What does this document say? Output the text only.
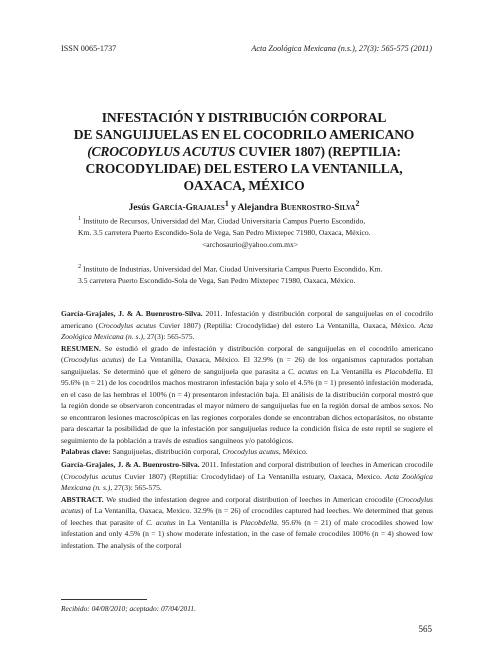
ISSN 0065-1737	Acta Zoológica Mexicana (n.s.), 27(3): 565-575 (2011)
INFESTACIÓN Y DISTRIBUCIÓN CORPORAL
DE SANGUIJUELAS EN EL COCODRILO AMERICANO
(CROCODYLUS ACUTUS CUVIER 1807) (REPTILIA:
CROCODYLIDAE) DEL ESTERO LA VENTANILLA,
OAXACA, MÉXICO
Jesús García-Grajales$^1$ y Alejandra Buenrostro-Silva$^2$
$^1$ Instituto de Recursos, Universidad del Mar, Ciudad Universitaria Campus Puerto Escondido,
Km. 3.5 carretera Puerto Escondido-Sola de Vega, San Pedro Mixtepec 71980, Oaxaca, México.
<archosaurio@yahoo.com.mx>
$^2$ Instituto de Industrias, Universidad del Mar, Ciudad Universitaria Campus Puerto Escondido, Km.
3.5 carretera Puerto Escondido-Sola de Vega, San Pedro Mixtepec 71980, Oaxaca, México.

García-Grajales, J. & A. Buenrostro-Silva. 2011. Infestación y distribución corporal de sanguijuelas en el cocodrilo americano (Crocodylus acutus Cuvier 1807) (Reptilia: Crocodylidae) del estero La Ventanilla, Oaxaca, México. Acta Zoológica Mexicana (n. s.), 27(3): 565-575.

RESUMEN. Se estudió el grado de infestación y distribución corporal de sanguijuelas en el cocodrilo americano (Crocodylus acutus) de La Ventanilla, Oaxaca, México. El 32.9% (n = 26) de los organismos capturados portaban sanguijuelas. Se determinó que el género de sanguijuela que parasita a C. acutus en La Ventanilla es Placobdella. El 95.6% (n = 21) de los cocodrilos machos mostraron infestación baja y solo el 4.5% (n = 1) presentó infestación moderada, en el caso de las hembras el 100% (n = 4) presentaron infestación baja. El análisis de la distribución corporal mostró que la región donde se observaron concentradas el mayor número de sanguijuelas fue en la región dorsal de ambos sexos. No se encontraron lesiones macroscópicas en las regiones corporales donde se encontraban dichos ectoparásitos, no obstante para descartar la posibilidad de que la infestación por sanguijuelas reduce la condición física de este reptil se sugiere el seguimiento de la población a través de estudios sanguíneos y/o patológicos.

Palabras clave: Sanguijuelas, distribución corporal, Crocodylus acutus, México.

García-Grajales, J. & A. Buenrostro-Silva. 2011. Infestation and corporal distribution of leeches in American crocodile (Crocodylus acutus Cuvier 1807) (Reptilia: Crocodylidae) of La Ventanilla estuary, Oaxaca, Mexico. Acta Zoológica Mexicana (n. s.), 27(3): 565-575.

ABSTRACT. We studied the infestation degree and corporal distribution of leeches in American crocodile (Crocodylus acutus) of La Ventanilla, Oaxaca, Mexico. 32.9% (n = 26) of crocodiles captured had leeches. We determined that genus of leeches that parasite of C. acutus in La Ventanilla is Placobdella. 95.6% (n = 21) of male crocodiles showed low infestation and only 4.5% (n = 1) show moderate infestation, in the case of female crocodiles 100% (n = 4) showed low infestation. The analysis of the corporal

Recibido: 04/08/2010; aceptado: 07/04/2011.
565
